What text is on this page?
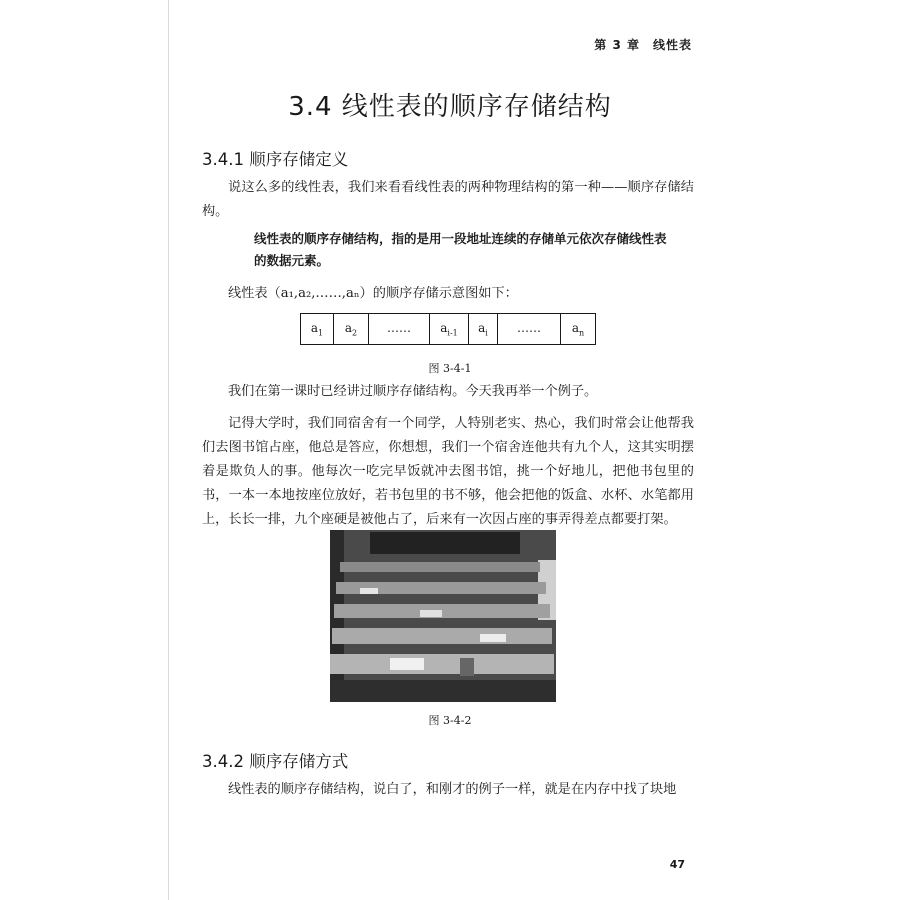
第 3 章　线性表
3.4 线性表的顺序存储结构
3.4.1 顺序存储定义

说这么多的线性表，我们来看看线性表的两种物理结构的第一种——顺序存储结构。

线性表的顺序存储结构，指的是用一段地址连续的存储单元依次存储线性表的数据元素。

线性表（a₁,a₂,……,aₙ）的顺序存储示意图如下：

$a_1$	$a_2$	……	$a_{i-1}$	$a_i$	……	$a_n$
图 3-4-1

我们在第一课时已经讲过顺序存储结构。今天我再举一个例子。

记得大学时，我们同宿舍有一个同学，人特别老实、热心，我们时常会让他帮我们去图书馆占座，他总是答应，你想想，我们一个宿舍连他共有九个人，这其实明摆着是欺负人的事。他每次一吃完早饭就冲去图书馆，挑一个好地儿，把他书包里的书，一本一本地按座位放好，若书包里的书不够，他会把他的饭盒、水杯、水笔都用上，长长一排，九个座硬是被他占了，后来有一次因占座的事弄得差点都要打架。

图 3-4-2
3.4.2 顺序存储方式

线性表的顺序存储结构，说白了，和刚才的例子一样，就是在内存中找了块地

47
